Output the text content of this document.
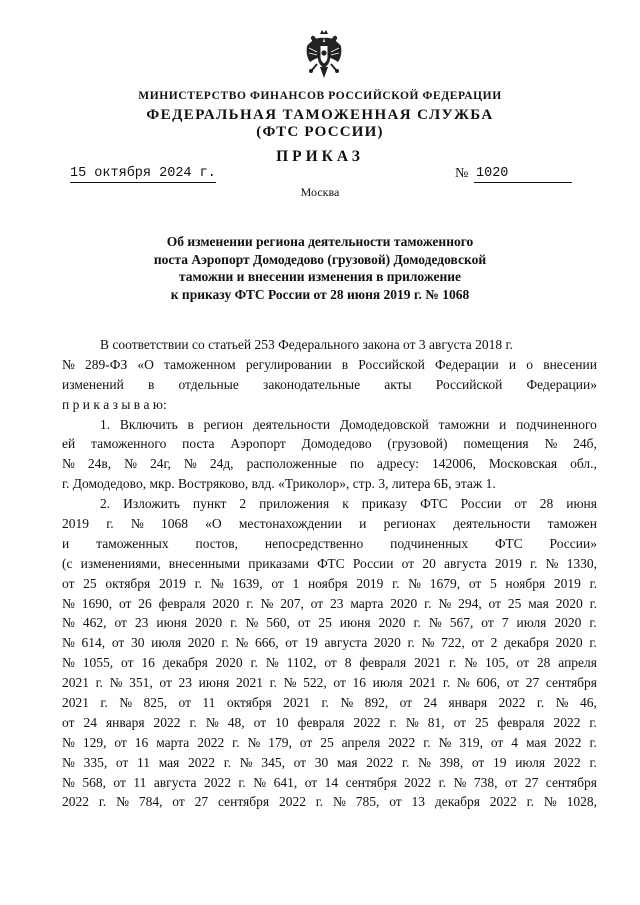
МИНИСТЕРСТВО ФИНАНСОВ РОССИЙСКОЙ ФЕДЕРАЦИИ
ФЕДЕРАЛЬНАЯ ТАМОЖЕННАЯ СЛУЖБА
(ФТС РОССИИ)
ПРИКАЗ
15 октября 2024 г.	№ 1020
Москва
Об изменении региона деятельности таможенного
поста Аэропорт Домодедово (грузовой) Домодедовской
таможни и внесении изменения в приложение
к приказу ФТС России от 28 июня 2019 г. № 1068
В соответствии со статьей 253 Федерального закона от 3 августа 2018 г.
№ 289-ФЗ «О таможенном регулировании в Российской Федерации и о внесении
изменений в отдельные законодательные акты Российской Федерации»
п р и к а з ы в а ю:
1. Включить в регион деятельности Домодедовской таможни и подчиненного
ей таможенного поста Аэропорт Домодедово (грузовой) помещения № 24б,
№ 24в, № 24г, № 24д, расположенные по адресу: 142006, Московская обл.,
г. Домодедово, мкр. Востряково, влд. «Триколор», стр. 3, литера 6Б, этаж 1.
2. Изложить пункт 2 приложения к приказу ФТС России от 28 июня
2019 г. № 1068 «О местонахождении и регионах деятельности таможен
и таможенных постов, непосредственно подчиненных ФТС России»
(с изменениями, внесенными приказами ФТС России от 20 августа 2019 г. № 1330,
от 25 октября 2019 г. № 1639, от 1 ноября 2019 г. № 1679, от 5 ноября 2019 г.
№ 1690, от 26 февраля 2020 г. № 207, от 23 марта 2020 г. № 294, от 25 мая 2020 г.
№ 462, от 23 июня 2020 г. № 560, от 25 июня 2020 г. № 567, от 7 июля 2020 г.
№ 614, от 30 июля 2020 г. № 666, от 19 августа 2020 г. № 722, от 2 декабря 2020 г.
№ 1055, от 16 декабря 2020 г. № 1102, от 8 февраля 2021 г. № 105, от 28 апреля
2021 г. № 351, от 23 июня 2021 г. № 522, от 16 июля 2021 г. № 606, от 27 сентября
2021 г. № 825, от 11 октября 2021 г. № 892, от 24 января 2022 г. № 46,
от 24 января 2022 г. № 48, от 10 февраля 2022 г. № 81, от 25 февраля 2022 г.
№ 129, от 16 марта 2022 г. № 179, от 25 апреля 2022 г. № 319, от 4 мая 2022 г.
№ 335, от 11 мая 2022 г. № 345, от 30 мая 2022 г. № 398, от 19 июля 2022 г.
№ 568, от 11 августа 2022 г. № 641, от 14 сентября 2022 г. № 738, от 27 сентября
2022 г. № 784, от 27 сентября 2022 г. № 785, от 13 декабря 2022 г. № 1028,
